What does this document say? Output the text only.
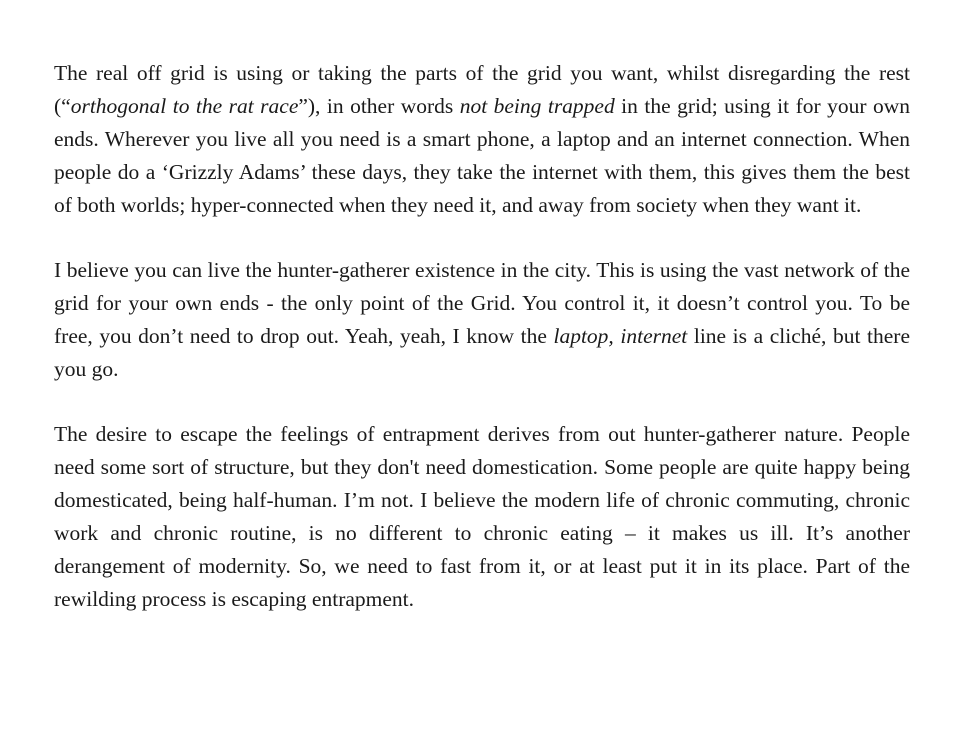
The real off grid is using or taking the parts of the grid you want, whilst disregarding the rest (“orthogonal to the rat race”), in other words not being trapped in the grid; using it for your own ends. Wherever you live all you need is a smart phone, a laptop and an internet connection. When people do a ‘Grizzly Adams’ these days, they take the internet with them, this gives them the best of both worlds; hyper-connected when they need it, and away from society when they want it.

I believe you can live the hunter-gatherer existence in the city. This is using the vast network of the grid for your own ends - the only point of the Grid. You control it, it doesn’t control you. To be free, you don’t need to drop out. Yeah, yeah, I know the laptop, internet line is a cliché, but there you go.

The desire to escape the feelings of entrapment derives from out hunter-gatherer nature. People need some sort of structure, but they don't need domestication. Some people are quite happy being domesticated, being half-human. I’m not. I believe the modern life of chronic commuting, chronic work and chronic routine, is no different to chronic eating – it makes us ill. It’s another derangement of modernity. So, we need to fast from it, or at least put it in its place. Part of the rewilding process is escaping entrapment.
